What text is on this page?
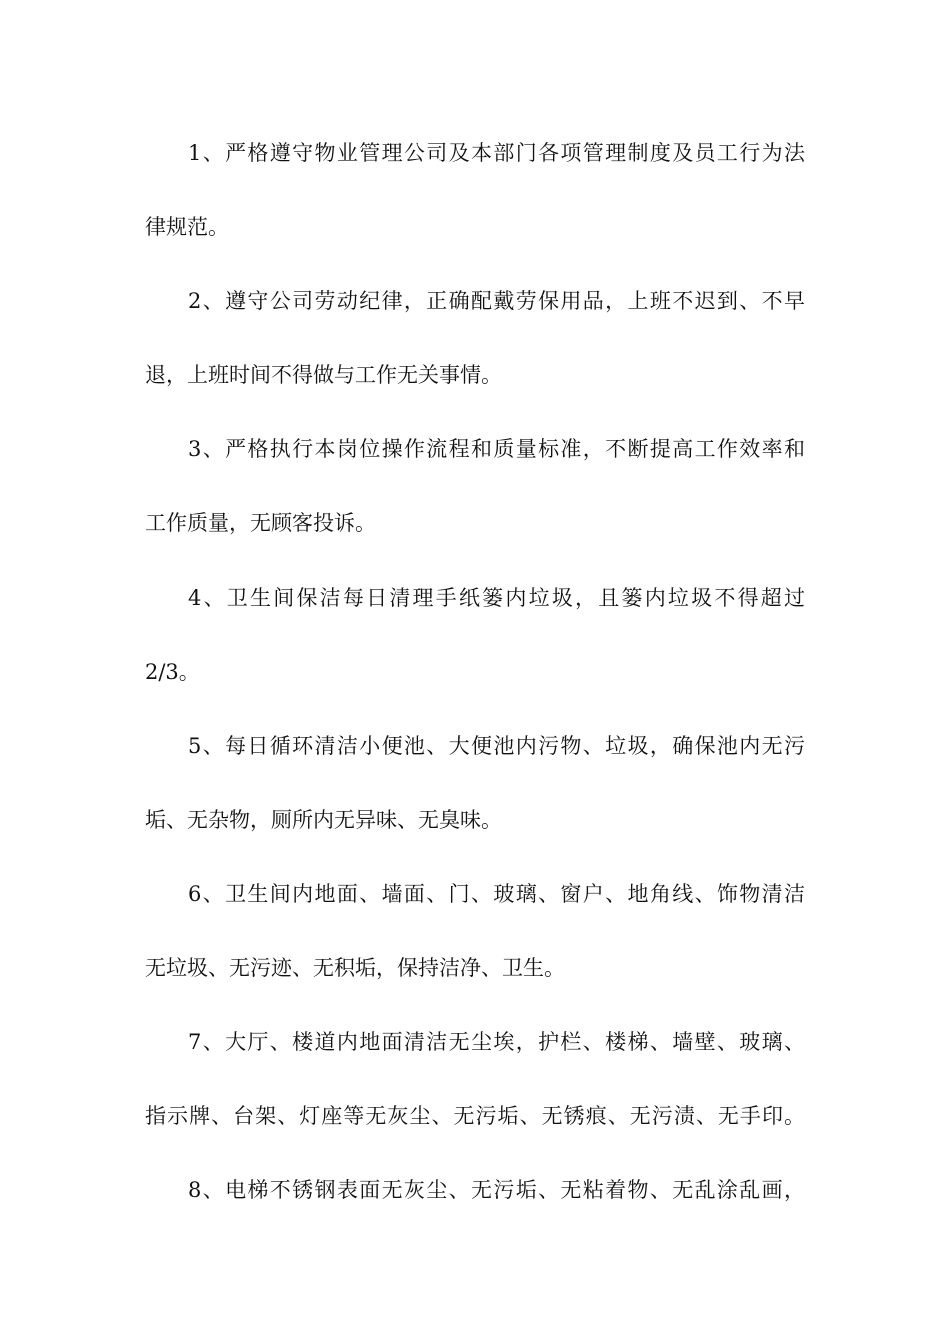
1、严格遵守物业管理公司及本部门各项管理制度及员工行为法
律规范。
2、遵守公司劳动纪律，正确配戴劳保用品，上班不迟到、不早
退，上班时间不得做与工作无关事情。
3、严格执行本岗位操作流程和质量标准，不断提高工作效率和
工作质量，无顾客投诉。
4、卫生间保洁每日清理手纸篓内垃圾，且篓内垃圾不得超过
2/3。
5、每日循环清洁小便池、大便池内污物、垃圾，确保池内无污
垢、无杂物，厕所内无异味、无臭味。
6、卫生间内地面、墙面、门、玻璃、窗户、地角线、饰物清洁
无垃圾、无污迹、无积垢，保持洁净、卫生。
7、大厅、楼道内地面清洁无尘埃，护栏、楼梯、墙壁、玻璃、
指示牌、台架、灯座等无灰尘、无污垢、无锈痕、无污渍、无手印。
8、电梯不锈钢表面无灰尘、无污垢、无粘着物、无乱涂乱画，
